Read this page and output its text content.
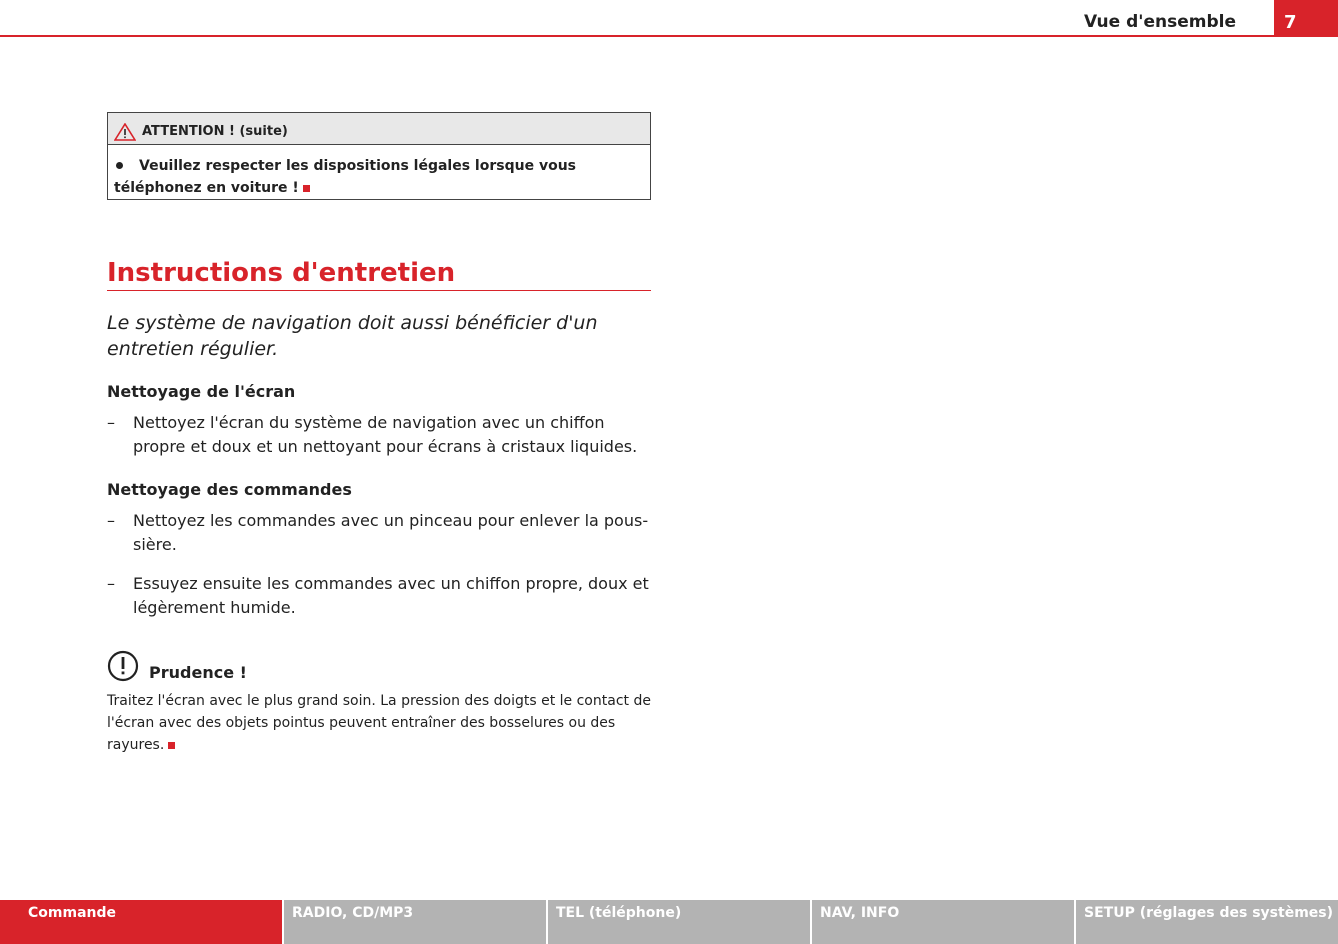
Vue d'ensemble	7
ATTENTION ! (suite)
Veuillez respecter les dispositions légales lorsque vous téléphonez en voiture !
Instructions d'entretien
Le système de navigation doit aussi bénéficier d'un entretien régulier.
Nettoyage de l'écran
– Nettoyez l'écran du système de navigation avec un chiffon propre et doux et un nettoyant pour écrans à cristaux liquides.
Nettoyage des commandes
– Nettoyez les commandes avec un pinceau pour enlever la pous-sière.
– Essuyez ensuite les commandes avec un chiffon propre, doux et légèrement humide.
Prudence !
Traitez l'écran avec le plus grand soin. La pression des doigts et le contact de l'écran avec des objets pointus peuvent entraîner des bosselures ou des rayures.
Commande	RADIO, CD/MP3	TEL (téléphone)	NAV, INFO	SETUP (réglages des systèmes)
